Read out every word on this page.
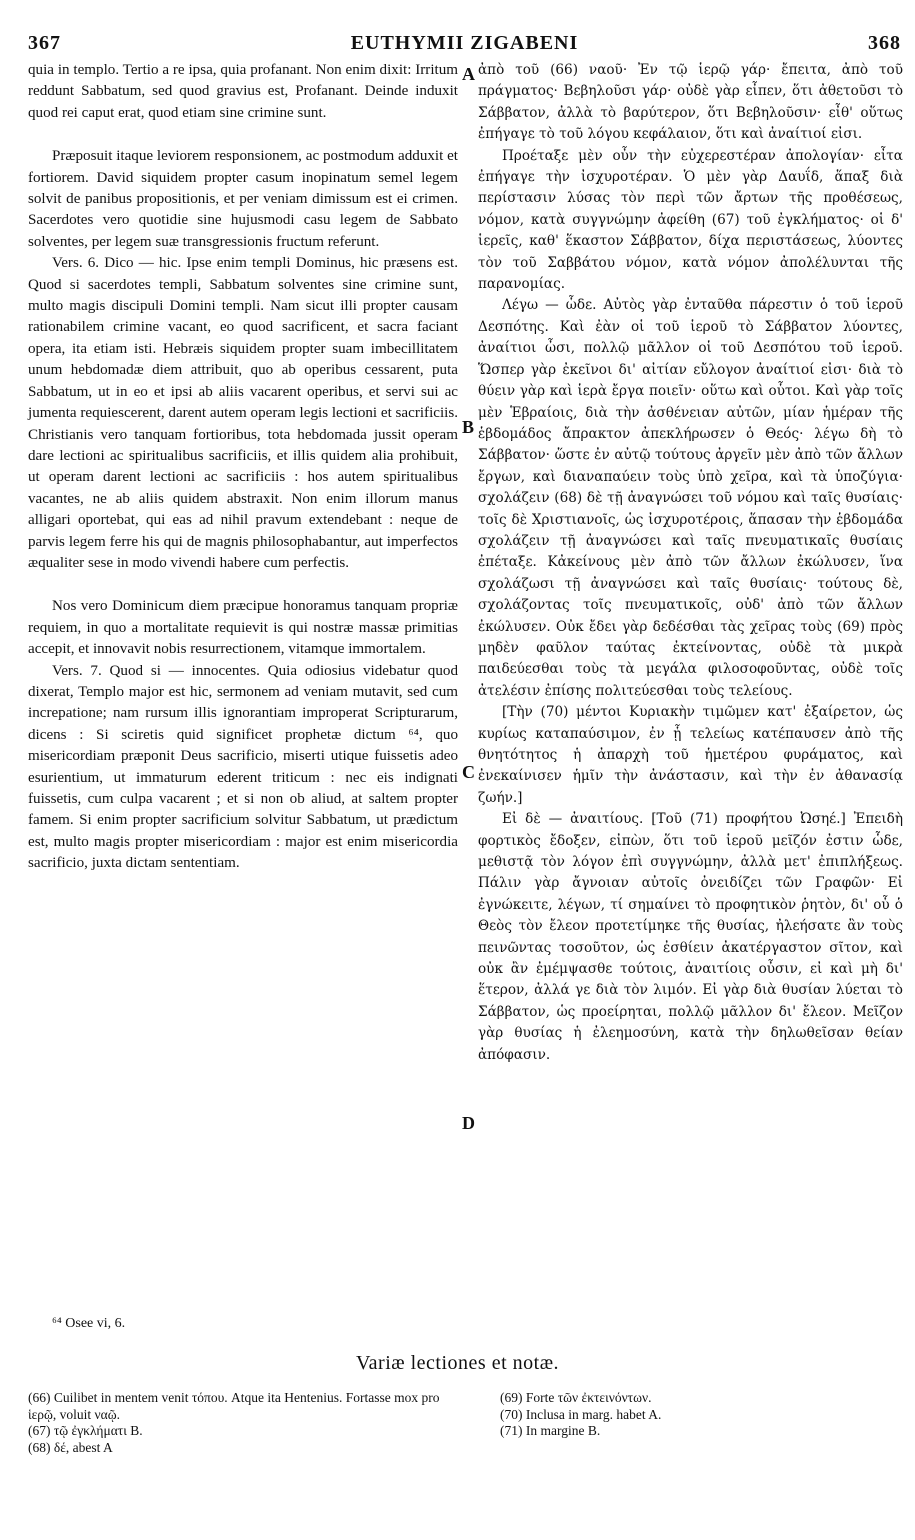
367	EUTHYMII ZIGABENI	368

quia in templo. Tertio a re ipsa, quia profanant. Non enim dixit: Irritum reddunt Sabbatum, sed quod gravius est, Profanant. Deinde induxit quod rei caput erat, quod etiam sine crimine sunt.

Præposuit itaque leviorem responsionem, ac postmodum adduxit et fortiorem. David siquidem propter casum inopinatum semel legem solvit de panibus propositionis, et per veniam dimissum est ei crimen. Sacerdotes vero quotidie sine hujusmodi casu legem de Sabbato solventes, per legem suæ transgressionis fructum referunt.

Vers. 6. Dico — hic. Ipse enim templi Dominus, hic præsens est. Quod si sacerdotes templi, Sabbatum solventes sine crimine sunt, multo magis discipuli Domini templi. Nam sicut illi propter causam rationabilem crimine vacant, eo quod sacrificent, et sacra faciant opera, ita etiam isti. Hebræis siquidem propter suam imbecillitatem unum hebdomadæ diem attribuit, quo ab operibus cessarent, puta Sabbatum, ut in eo et ipsi ab aliis vacarent operibus, et servi sui ac jumenta requiescerent, darent autem operam legis lectioni et sacrificiis. Christianis vero tanquam fortioribus, tota hebdomada jussit operam dare lectioni ac spiritualibus sacrificiis, et illis quidem alia prohibuit, ut operam darent lectioni ac sacrificiis : hos autem spiritualibus vacantes, ne ab aliis quidem abstraxit. Non enim illorum manus alligari oportebat, qui eas ad nihil pravum extendebant : neque de parvis legem ferre his qui de magnis philosophabantur, aut imperfectos æqualiter sese in modo vivendi habere cum perfectis.

Nos vero Dominicum diem præcipue honoramus tanquam propriæ requiem, in quo a mortalitate requievit is qui nostræ massæ primitias accepit, et innovavit nobis resurrectionem, vitamque immortalem.

Vers. 7. Quod si — innocentes. Quia odiosius videbatur quod dixerat, Templo major est hic, sermonem ad veniam mutavit, sed cum increpatione; nam rursum illis ignorantiam improperat Scripturarum, dicens : Si sciretis quid significet prophetæ dictum ⁶⁴, quo misericordiam præponit Deus sacrificio, miserti utique fuissetis adeo esurientium, ut immaturum ederent triticum : nec eis indignati fuissetis, cum culpa vacarent ; et si non ob aliud, at saltem propter famem. Si enim propter sacrificium solvitur Sabbatum, ut prædictum est, multo magis propter misericordiam : major est enim misericordia sacrificio, juxta dictam sententiam.

A
B
C
D

ἀπὸ τοῦ (66) ναοῦ· Ἐν τῷ ἱερῷ γάρ· ἔπειτα, ἀπὸ τοῦ πράγματος· Βεβηλοῦσι γάρ· οὐδὲ γὰρ εἶπεν, ὅτι ἀθετοῦσι τὸ Σάββατον, ἀλλὰ τὸ βαρύτερον, ὅτι Βεβηλοῦσιν· εἶθ' οὕτως ἐπήγαγε τὸ τοῦ λόγου κεφάλαιον, ὅτι καὶ ἀναίτιοί εἰσι.

Προέταξε μὲν οὖν τὴν εὐχερεστέραν ἀπολογίαν· εἶτα ἐπήγαγε τὴν ἰσχυροτέραν. Ὁ μὲν γὰρ Δαυΐδ, ἅπαξ διὰ περίστασιν λύσας τὸν περὶ τῶν ἄρτων τῆς προθέσεως, νόμον, κατὰ συγγνώμην ἀφείθη (67) τοῦ ἐγκλήματος· οἱ δ' ἱερεῖς, καθ' ἕκαστον Σάββατον, δίχα περιστάσεως, λύοντες τὸν τοῦ Σαββάτου νόμον, κατὰ νόμον ἀπολέλυνται τῆς παρανομίας.

Λέγω — ὧδε. Αὐτὸς γὰρ ἐνταῦθα πάρεστιν ὁ τοῦ ἱεροῦ Δεσπότης. Καὶ ἐὰν οἱ τοῦ ἱεροῦ τὸ Σάββατον λύοντες, ἀναίτιοι ὦσι, πολλῷ μᾶλλον οἱ τοῦ Δεσπότου τοῦ ἱεροῦ. Ὥσπερ γὰρ ἐκεῖνοι δι' αἰτίαν εὔλογον ἀναίτιοί εἰσι· διὰ τὸ θύειν γὰρ καὶ ἱερὰ ἔργα ποιεῖν· οὕτω καὶ οὗτοι. Καὶ γὰρ τοῖς μὲν Ἑβραίοις, διὰ τὴν ἀσθένειαν αὐτῶν, μίαν ἡμέραν τῆς ἑβδομάδος ἄπρακτον ἀπεκλήρωσεν ὁ Θεός· λέγω δὴ τὸ Σάββατον· ὥστε ἐν αὐτῷ τούτους ἀργεῖν μὲν ἀπὸ τῶν ἄλλων ἔργων, καὶ διαναπαύειν τοὺς ὑπὸ χεῖρα, καὶ τὰ ὑποζύγια· σχολάζειν (68) δὲ τῇ ἀναγνώσει τοῦ νόμου καὶ ταῖς θυσίαις· τοῖς δὲ Χριστιανοῖς, ὡς ἰσχυροτέροις, ἅπασαν τὴν ἑβδομάδα σχολάζειν τῇ ἀναγνώσει καὶ ταῖς πνευματικαῖς θυσίαις ἐπέταξε. Κἀκείνους μὲν ἀπὸ τῶν ἄλλων ἐκώλυσεν, ἵνα σχολάζωσι τῇ ἀναγνώσει καὶ ταῖς θυσίαις· τούτους δὲ, σχολάζοντας τοῖς πνευματικοῖς, οὐδ' ἀπὸ τῶν ἄλλων ἐκώλυσεν. Οὐκ ἔδει γὰρ δεδέσθαι τὰς χεῖρας τοὺς (69) πρὸς μηδὲν φαῦλον ταύτας ἐκτείνοντας, οὐδὲ τὰ μικρὰ παιδεύεσθαι τοὺς τὰ μεγάλα φιλοσοφοῦντας, οὐδὲ τοῖς ἀτελέσιν ἐπίσης πολιτεύεσθαι τοὺς τελείους.

[Τὴν (70) μέντοι Κυριακὴν τιμῶμεν κατ' ἐξαίρετον, ὡς κυρίως καταπαύσιμον, ἐν ᾗ τελείως κατέπαυσεν ἀπὸ τῆς θνητότητος ἡ ἀπαρχὴ τοῦ ἡμετέρου φυράματος, καὶ ἐνεκαίνισεν ἡμῖν τὴν ἀνάστασιν, καὶ τὴν ἐν ἀθανασίᾳ ζωήν.]

Εἰ δὲ — ἀναιτίους. [Τοῦ (71) προφήτου Ὠσηέ.] Ἐπειδὴ φορτικὸς ἔδοξεν, εἰπὼν, ὅτι τοῦ ἱεροῦ μεῖζόν ἐστιν ὧδε, μεθιστᾷ τὸν λόγον ἐπὶ συγγνώμην, ἀλλὰ μετ' ἐπιπλήξεως. Πάλιν γὰρ ἄγνοιαν αὐτοῖς ὀνειδίζει τῶν Γραφῶν· Εἰ ἐγνώκειτε, λέγων, τί σημαίνει τὸ προφητικὸν ῥητὸν, δι' οὗ ὁ Θεὸς τὸν ἔλεον προτετίμηκε τῆς θυσίας, ἠλεήσατε ἂν τοὺς πεινῶντας τοσοῦτον, ὡς ἐσθίειν ἀκατέργαστον σῖτον, καὶ οὐκ ἂν ἐμέμψασθε τούτοις, ἀναιτίοις οὖσιν, εἰ καὶ μὴ δι' ἕτερον, ἀλλά γε διὰ τὸν λιμόν. Εἰ γὰρ διὰ θυσίαν λύεται τὸ Σάββατον, ὡς προείρηται, πολλῷ μᾶλλον δι' ἔλεον. Μεῖζον γὰρ θυσίας ἡ ἐλεημοσύνη, κατὰ τὴν δηλωθεῖσαν θείαν ἀπόφασιν.

⁶⁴ Osee vi, 6.
Variæ lectiones et notæ.

(66) Cuilibet in mentem venit τόπου. Atque ita Hentenius. Fortasse mox pro ἱερῷ, voluit ναῷ.

(67) τῷ ἐγκλήματι B.

(68) δέ, abest A

(69) Forte τῶν ἐκτεινόντων.

(70) Inclusa in marg. habet A.

(71) In margine B.
